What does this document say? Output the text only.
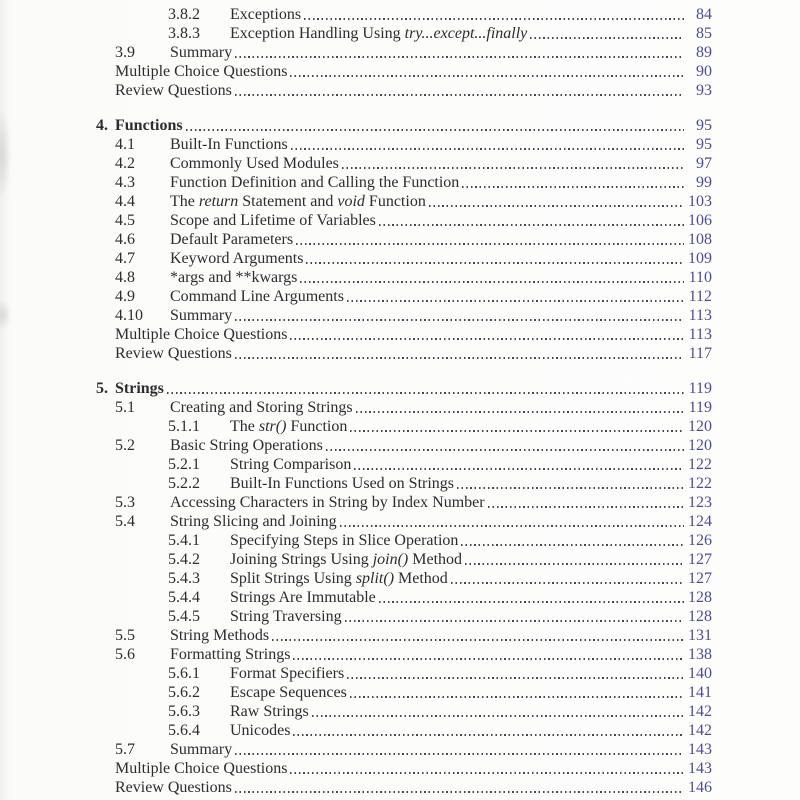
3.8.2	Exceptions	84
3.8.3	Exception Handling Using try...except...finally	85
3.9	Summary	89
Multiple Choice Questions	90
Review Questions	93
4. Functions	95
4.1	Built-In Functions	95
4.2	Commonly Used Modules	97
4.3	Function Definition and Calling the Function	99
4.4	The return Statement and void Function	103
4.5	Scope and Lifetime of Variables	106
4.6	Default Parameters	108
4.7	Keyword Arguments	109
4.8	*args and **kwargs	110
4.9	Command Line Arguments	112
4.10	Summary	113
Multiple Choice Questions	113
Review Questions	117
5. Strings	119
5.1	Creating and Storing Strings	119
5.1.1	The str() Function	120
5.2	Basic String Operations	120
5.2.1	String Comparison	122
5.2.2	Built-In Functions Used on Strings	122
5.3	Accessing Characters in String by Index Number	123
5.4	String Slicing and Joining	124
5.4.1	Specifying Steps in Slice Operation	126
5.4.2	Joining Strings Using join() Method	127
5.4.3	Split Strings Using split() Method	127
5.4.4	Strings Are Immutable	128
5.4.5	String Traversing	128
5.5	String Methods	131
5.6	Formatting Strings	138
5.6.1	Format Specifiers	140
5.6.2	Escape Sequences	141
5.6.3	Raw Strings	142
5.6.4	Unicodes	142
5.7	Summary	143
Multiple Choice Questions	143
Review Questions	146
